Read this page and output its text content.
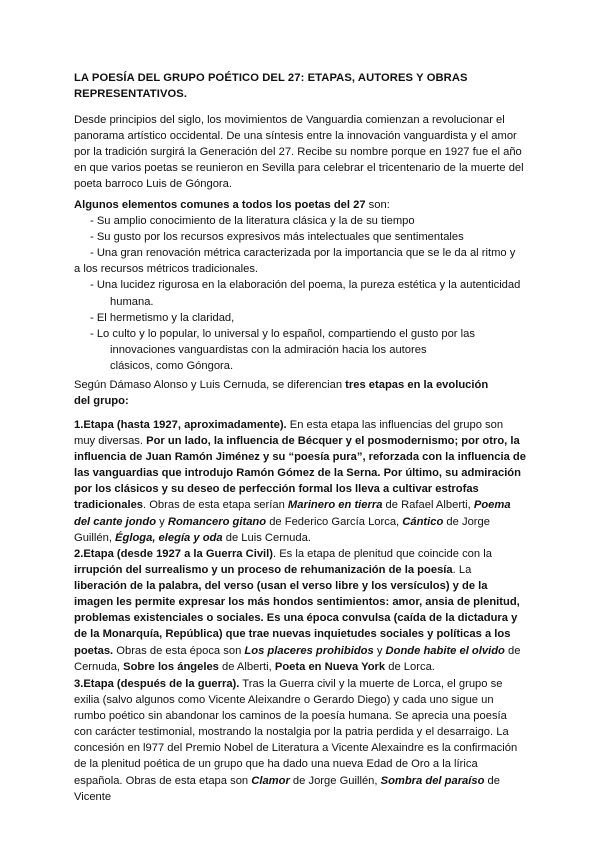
LA POESÍA DEL GRUPO POÉTICO DEL 27: ETAPAS, AUTORES Y OBRAS REPRESENTATIVOS.

Desde principios del siglo, los movimientos de Vanguardia comienzan a revolucionar el panorama artístico occidental. De una síntesis entre la innovación vanguardista y el amor por la tradición surgirá la Generación del 27. Recibe su nombre porque en 1927 fue el año en que varios poetas se reunieron en Sevilla para celebrar el tricentenario de la muerte del poeta barroco Luis de Góngora.

Algunos elementos comunes a todos los poetas del 27 son:

- Su amplio conocimiento de la literatura clásica y la de su tiempo
- Su gusto por los recursos expresivos más intelectuales que sentimentales
- Una gran renovación métrica caracterizada por la importancia que se le da al ritmo y
a los recursos métricos tradicionales.
- Una lucidez rigurosa en la elaboración del poema, la pureza estética y la autenticidad
humana.
- El hermetismo y la claridad,
- Lo culto y lo popular, lo universal y lo español, compartiendo el gusto por las
innovaciones vanguardistas con la admiración hacia los autores clásicos, como Góngora.

Según Dámaso Alonso y Luis Cernuda, se diferencian tres etapas en la evolución del grupo:

1.Etapa (hasta 1927, aproximadamente). En esta etapa las influencias del grupo son muy diversas. Por un lado, la influencia de Bécquer y el posmodernismo; por otro, la influencia de Juan Ramón Jiménez y su “poesía pura”, reforzada con la influencia de las vanguardias que introdujo Ramón Gómez de la Serna. Por último, su admiración por los clásicos y su deseo de perfección formal los lleva a cultivar estrofas tradicionales. Obras de esta etapa serían Marinero en tierra de Rafael Alberti, Poema del cante jondo y Romancero gitano de Federico García Lorca, Cántico de Jorge Guillén, Égloga, elegía y oda de Luis Cernuda.

2.Etapa (desde 1927 a la Guerra Civil). Es la etapa de plenitud que coincide con la irrupción del surrealismo y un proceso de rehumanización de la poesía. La liberación de la palabra, del verso (usan el verso libre y los versículos) y de la imagen les permite expresar los más hondos sentimientos: amor, ansia de plenitud, problemas existenciales o sociales. Es una época convulsa (caída de la dictadura y de la Monarquía, República) que trae nuevas inquietudes sociales y políticas a los poetas. Obras de esta época son Los placeres prohibidos y Donde habite el olvido de Cernuda, Sobre los ángeles de Alberti, Poeta en Nueva York de Lorca.

3.Etapa (después de la guerra). Tras la Guerra civil y la muerte de Lorca, el grupo se exilia (salvo algunos como Vicente Aleixandre o Gerardo Diego) y cada uno sigue un rumbo poético sin abandonar los caminos de la poesía humana. Se aprecia una poesía con carácter testimonial, mostrando la nostalgia por la patria perdida y el desarraigo. La concesión en l977 del Premio Nobel de Literatura a Vicente Alexaindre es la confirmación de la plenitud poética de un grupo que ha dado una nueva Edad de Oro a la lírica española. Obras de esta etapa son Clamor de Jorge Guillén, Sombra del paraíso de Vicente
